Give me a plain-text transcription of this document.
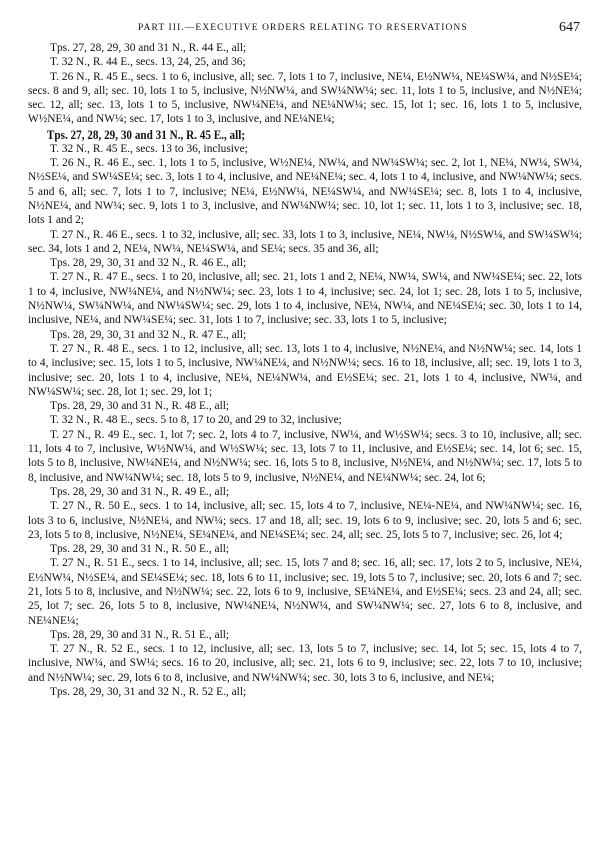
PART III.—EXECUTIVE ORDERS RELATING TO RESERVATIONS	647

Tps. 27, 28, 29, 30 and 31 N., R. 44 E., all;

T. 32 N., R. 44 E., secs. 13, 24, 25, and 36;

T. 26 N., R. 45 E., secs. 1 to 6, inclusive, all; sec. 7, lots 1 to 7, inclusive, NE¼, E½NW¼, NE¼SW¼, and N½SE¼; secs. 8 and 9, all; sec. 10, lots 1 to 5, inclusive, N½NW¼, and SW¼NW¼; sec. 11, lots 1 to 5, inclusive, and N½NE¼; sec. 12, all; sec. 13, lots 1 to 5, inclusive, NW¼NE¼, and NE¼NW¼; sec. 15, lot 1; sec. 16, lots 1 to 5, inclusive, W½NE¼, and NW¼; sec. 17, lots 1 to 3, inclusive, and NE¼NE¼;

Tps. 27, 28, 29, 30 and 31 N., R. 45 E., all;

T. 32 N., R. 45 E., secs. 13 to 36, inclusive;

T. 26 N., R. 46 E., sec. 1, lots 1 to 5, inclusive, W½NE¼, NW¼, and NW¼SW¼; sec. 2, lot 1, NE¼, NW¼, SW¼, N½SE¼, and SW¼SE¼; sec. 3, lots 1 to 4, inclusive, and NE¼NE¼; sec. 4, lots 1 to 4, inclusive, and NW¼NW¼; secs. 5 and 6, all; sec. 7, lots 1 to 7, inclusive; NE¼, E½NW¼, NE¼SW¼, and NW¼SE¼; sec. 8, lots 1 to 4, inclusive, N½NE¼, and NW¼; sec. 9, lots 1 to 3, inclusive, and NW¼NW¼; sec. 10, lot 1; sec. 11, lots 1 to 3, inclusive; sec. 18, lots 1 and 2;

T. 27 N., R. 46 E., secs. 1 to 32, inclusive, all; sec. 33, lots 1 to 3, inclusive, NE¼, NW¼, N½SW¼, and SW¼SW¼; sec. 34, lots 1 and 2, NE¼, NW¼, NE¼SW¼, and SE¼; secs. 35 and 36, all;

Tps. 28, 29, 30, 31 and 32 N., R. 46 E., all;

T. 27 N., R. 47 E., secs. 1 to 20, inclusive, all; sec. 21, lots 1 and 2, NE¼, NW¼, SW¼, and NW¼SE¼; sec. 22, lots 1 to 4, inclusive, NW¼NE¼, and N½NW¼; sec. 23, lots 1 to 4, inclusive; sec. 24, lot 1; sec. 28, lots 1 to 5, inclusive, N½NW¼, SW¼NW¼, and NW¼SW¼; sec. 29, lots 1 to 4, inclusive, NE¼, NW¼, and NE¼SE¼; sec. 30, lots 1 to 14, inclusive, NE¼, and NW¼SE¼; sec. 31, lots 1 to 7, inclusive; sec. 33, lots 1 to 5, inclusive;

Tps. 28, 29, 30, 31 and 32 N., R. 47 E., all;

T. 27 N., R. 48 E., secs. 1 to 12, inclusive, all; sec. 13, lots 1 to 4, inclusive, N½NE¼, and N½NW¼; sec. 14, lots 1 to 4, inclusive; sec. 15, lots 1 to 5, inclusive, NW¼NE¼, and N½NW¼; secs. 16 to 18, inclusive, all; sec. 19, lots 1 to 3, inclusive; sec. 20, lots 1 to 4, inclusive, NE¼, NE¼NW¼, and E½SE¼; sec. 21, lots 1 to 4, inclusive, NW¼, and NW¼SW¼; sec. 28, lot 1; sec. 29, lot 1;

Tps. 28, 29, 30 and 31 N., R. 48 E., all;

T. 32 N., R. 48 E., secs. 5 to 8, 17 to 20, and 29 to 32, inclusive;

T. 27 N., R. 49 E., sec. 1, lot 7; sec. 2, lots 4 to 7, inclusive, NW¼, and W½SW¼; secs. 3 to 10, inclusive, all; sec. 11, lots 4 to 7, inclusive, W½NW¼, and W½SW¼; sec. 13, lots 7 to 11, inclusive, and E½SE¼; sec. 14, lot 6; sec. 15, lots 5 to 8, inclusive, NW¼NE¼, and N½NW¼; sec. 16, lots 5 to 8, inclusive, N½NE¼, and N½NW¼; sec. 17, lots 5 to 8, inclusive, and NW¼NW¼; sec. 18, lots 5 to 9, inclusive, N½NE¼, and NE¼NW¼; sec. 24, lot 6;

Tps. 28, 29, 30 and 31 N., R. 49 E., all;

T. 27 N., R. 50 E., secs. 1 to 14, inclusive, all; sec. 15, lots 4 to 7, inclusive, NE¼-NE¼, and NW¼NW¼; sec. 16, lots 3 to 6, inclusive, N½NE¼, and NW¼; secs. 17 and 18, all; sec. 19, lots 6 to 9, inclusive; sec. 20, lots 5 and 6; sec. 23, lots 5 to 8, inclusive, N½NE¼, SE¼NE¼, and NE¼SE¼; sec. 24, all; sec. 25, lots 5 to 7, inclusive; sec. 26, lot 4;

Tps. 28, 29, 30 and 31 N., R. 50 E., all;

T. 27 N., R. 51 E., secs. 1 to 14, inclusive, all; sec. 15, lots 7 and 8; sec. 16, all; sec. 17, lots 2 to 5, inclusive, NE¼, E½NW¼, N½SE¼, and SE¼SE¼; sec. 18, lots 6 to 11, inclusive; sec. 19, lots 5 to 7, inclusive; sec. 20, lots 6 and 7; sec. 21, lots 5 to 8, inclusive, and N½NW¼; sec. 22, lots 6 to 9, inclusive, SE¼NE¼, and E½SE¼; secs. 23 and 24, all; sec. 25, lot 7; sec. 26, lots 5 to 8, inclusive, NW¼NE¼, N½NW¼, and SW¼NW¼; sec. 27, lots 6 to 8, inclusive, and NE¼NE¼;

Tps. 28, 29, 30 and 31 N., R. 51 E., all;

T. 27 N., R. 52 E., secs. 1 to 12, inclusive, all; sec. 13, lots 5 to 7, inclusive; sec. 14, lot 5; sec. 15, lots 4 to 7, inclusive, NW¼, and SW¼; secs. 16 to 20, inclusive, all; sec. 21, lots 6 to 9, inclusive; sec. 22, lots 7 to 10, inclusive; and N½NW¼; sec. 29, lots 6 to 8, inclusive, and NW¼NW¼; sec. 30, lots 3 to 6, inclusive, and NE¼;

Tps. 28, 29, 30, 31 and 32 N., R. 52 E., all;
